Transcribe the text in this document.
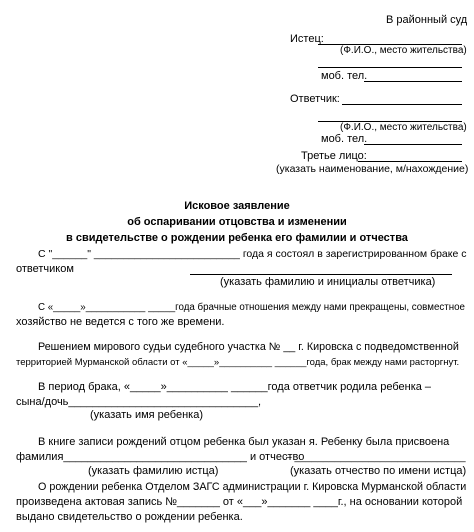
В районный суд
Истец:
(Ф.И.О., место жительства)
моб. тел.
Ответчик:
(Ф.И.О., место жительства)
моб. тел.
Третье лицо:
(указать наименование, м/нахождение)
Исковое заявление
об оспаривании отцовства и изменении
в свидетельстве о рождении ребенка его фамилии и отчества
С "______" _________________________ года я состоял в зарегистрированном браке с
ответчиком
(указать фамилию и инициалы ответчика)
С «_____»___________ _____года брачные отношения между нами прекращены, совместное
хозяйство не ведется с того же времени.
Решением мирового судьи судебного участка № __ г. Кировска с подведомственной
территорией Мурманской области от «_____»__________ ______года, брак между нами расторгнут.
В период брака, «_____»__________ ______года ответчик родила ребенка –
сына/дочь_______________________________,
(указать имя ребенка)
В книге записи рождений отцом ребенка был указан я. Ребенку была присвоена
фамилия______________________________ и отчество
– ______________________________
(указать фамилию истца)	(указать отчество по имени истца)
О рождении ребенка Отделом ЗАГС администрации г. Кировска Мурманской области
произведена актовая запись №_______ от «___»_______ ____г., на основании которой
выдано свидетельство о рождении ребенка.
